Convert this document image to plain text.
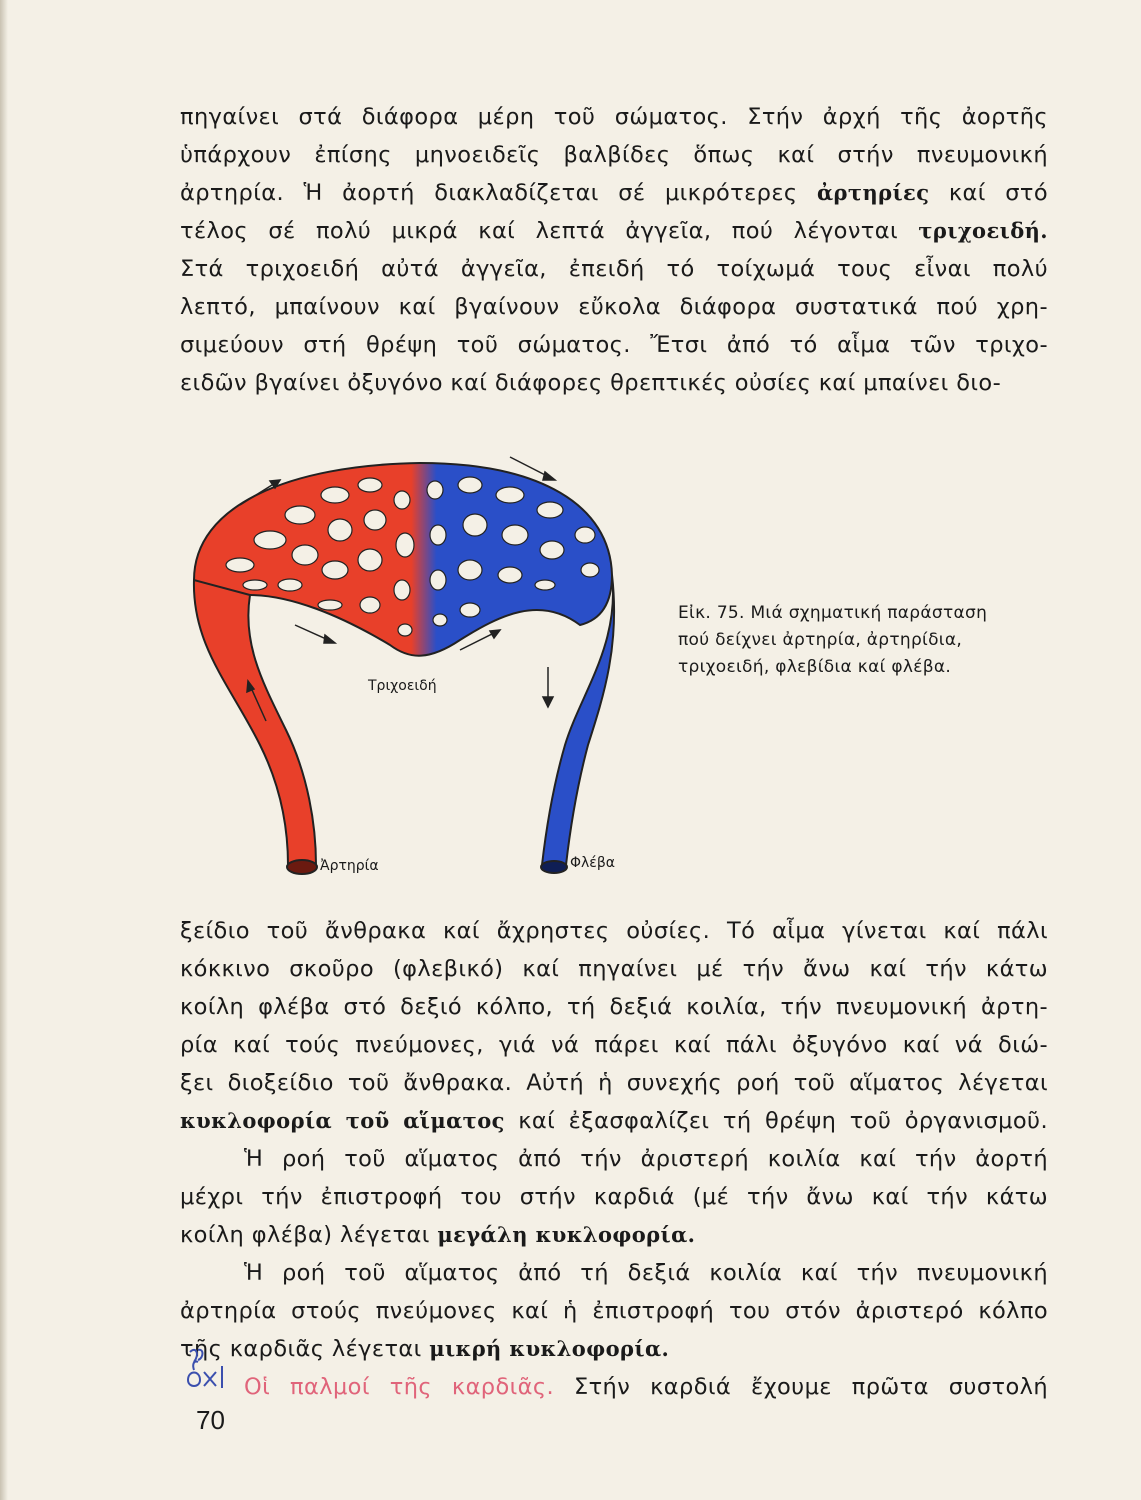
πηγαίνει στά διάφορα μέρη τοῦ σώματος. Στήν ἀρχή τῆς ἀορτῆς
ὑπάρχουν ἐπίσης μηνοειδεῖς βαλβίδες ὅπως καί στήν πνευμονική
ἀρτηρία. Ἡ ἀορτή διακλαδίζεται σέ μικρότερες ἀρτηρίες καί στό
τέλος σέ πολύ μικρά καί λεπτά ἀγγεῖα, πού λέγονται τριχοειδή.
Στά τριχοειδή αὐτά ἀγγεῖα, ἐπειδή τό τοίχωμά τους εἶναι πολύ
λεπτό, μπαίνουν καί βγαίνουν εὔκολα διάφορα συστατικά πού χρη-
σιμεύουν στή θρέψη τοῦ σώματος. Ἔτσι ἀπό τό αἷμα τῶν τριχο-
ειδῶν βγαίνει ὀξυγόνο καί διάφορες θρεπτικές οὐσίες καί μπαίνει διο-
Τριχοειδή
Ἀρτηρία	Φλέβα
Εἰκ. 75. Μιά σχηματική παράσταση
πού δείχνει ἀρτηρία, ἀρτηρίδια,
τριχοειδή, φλεβίδια καί φλέβα.
ξείδιο τοῦ ἄνθρακα καί ἄχρηστες οὐσίες. Τό αἷμα γίνεται καί πάλι
κόκκινο σκοῦρο (φλεβικό) καί πηγαίνει μέ τήν ἄνω καί τήν κάτω
κοίλη φλέβα στό δεξιό κόλπο, τή δεξιά κοιλία, τήν πνευμονική ἀρτη-
ρία καί τούς πνεύμονες, γιά νά πάρει καί πάλι ὀξυγόνο καί νά διώ-
ξει διοξείδιο τοῦ ἄνθρακα. Αὐτή ἡ συνεχής ροή τοῦ αἵματος λέγεται
κυκλοφορία τοῦ αἵματος καί ἐξασφαλίζει τή θρέψη τοῦ ὀργανισμοῦ.
Ἡ ροή τοῦ αἵματος ἀπό τήν ἀριστερή κοιλία καί τήν ἀορτή
μέχρι τήν ἐπιστροφή του στήν καρδιά (μέ τήν ἄνω καί τήν κάτω
κοίλη φλέβα) λέγεται μεγάλη κυκλοφορία.
Ἡ ροή τοῦ αἵματος ἀπό τή δεξιά κοιλία καί τήν πνευμονική
ἀρτηρία στούς πνεύμονες καί ἡ ἐπιστροφή του στόν ἀριστερό κόλπο
τῆς καρδιᾶς λέγεται μικρή κυκλοφορία.
Οἱ παλμοί τῆς καρδιᾶς. Στήν καρδιά ἔχουμε πρῶτα συστολή
70
